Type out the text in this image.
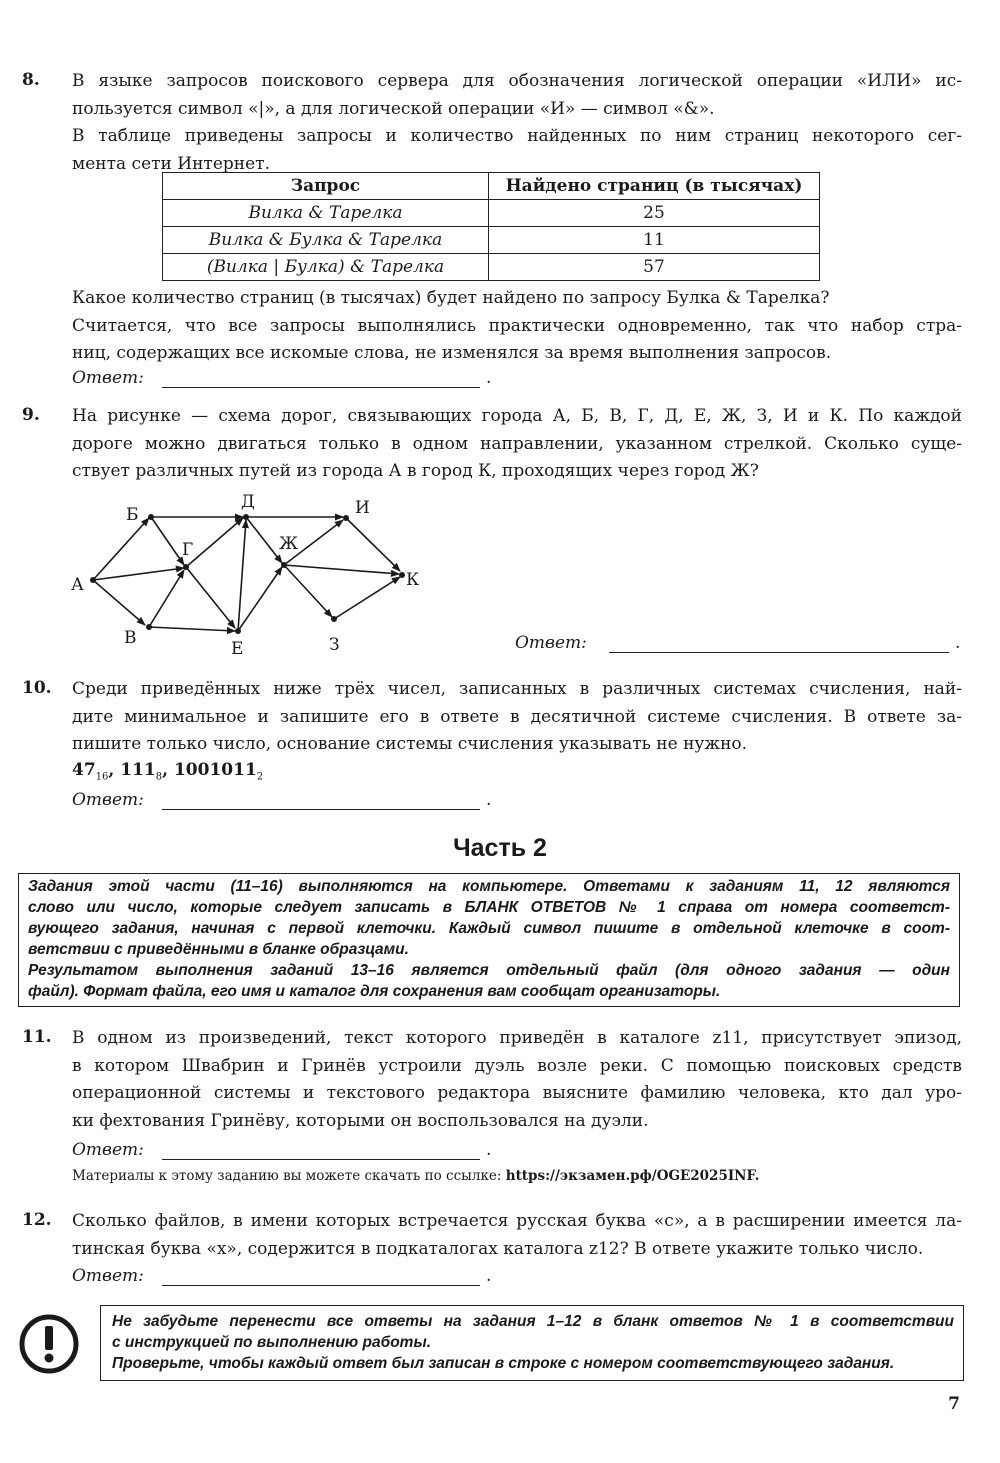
8. В языке запросов поискового сервера для обозначения логической операции «ИЛИ» ис-
пользуется символ «|», а для логической операции «И» — символ «&».
В таблице приведены запросы и количество найденных по ним страниц некоторого сег-
мента сети Интернет.
Запрос	Найдено страниц (в тысячах)
Вилка & Тарелка	25
Вилка & Булка & Тарелка	11
(Вилка | Булка) & Тарелка	57
Какое количество страниц (в тысячах) будет найдено по запросу Булка & Тарелка?
Считается, что все запросы выполнялись практически одновременно, так что набор стра-
ниц, содержащих все искомые слова, не изменялся за время выполнения запросов.
Ответ:	.
9. На рисунке — схема дорог, связывающих города А, Б, В, Г, Д, Е, Ж, З, И и К. По каждой
дороге можно двигаться только в одном направлении, указанном стрелкой. Сколько суще-
ствует различных путей из города А в город К, проходящих через город Ж?
А
Б
В
Г
Д
Е
Ж
З
И
К
Ответ:	.
10. Среди приведённых ниже трёх чисел, записанных в различных системах счисления, най-
дите минимальное и запишите его в ответе в десятичной системе счисления. В ответе за-
пишите только число, основание системы счисления указывать не нужно.
$47_{16}$, $111_8$, $1001011_2$
Ответ:	.
Часть 2
Задания этой части (11–16) выполняются на компьютере. Ответами к заданиям 11, 12 являются
слово или число, которые следует записать в БЛАНК ОТВЕТОВ № 1 справа от номера соответст-
вующего задания, начиная с первой клеточки. Каждый символ пишите в отдельной клеточке в соот-
ветствии с приведёнными в бланке образцами.
Результатом выполнения заданий 13–16 является отдельный файл (для одного задания — один
файл). Формат файла, его имя и каталог для сохранения вам сообщат организаторы.
11. В одном из произведений, текст которого приведён в каталоге z11, присутствует эпизод,
в котором Швабрин и Гринёв устроили дуэль возле реки. С помощью поисковых средств
операционной системы и текстового редактора выясните фамилию человека, кто дал уро-
ки фехтования Гринёву, которыми он воспользовался на дуэли.
Ответ:	.
Материалы к этому заданию вы можете скачать по ссылке: https://экзамен.рф/OGE2025INF.
12. Сколько файлов, в имени которых встречается русская буква «с», а в расширении имеется ла-
тинская буква «x», содержится в подкаталогах каталога z12? В ответе укажите только число.
Ответ:	.
Не забудьте перенести все ответы на задания 1–12 в бланк ответов № 1 в соответствии
с инструкцией по выполнению работы.
Проверьте, чтобы каждый ответ был записан в строке с номером соответствующего задания.
7
